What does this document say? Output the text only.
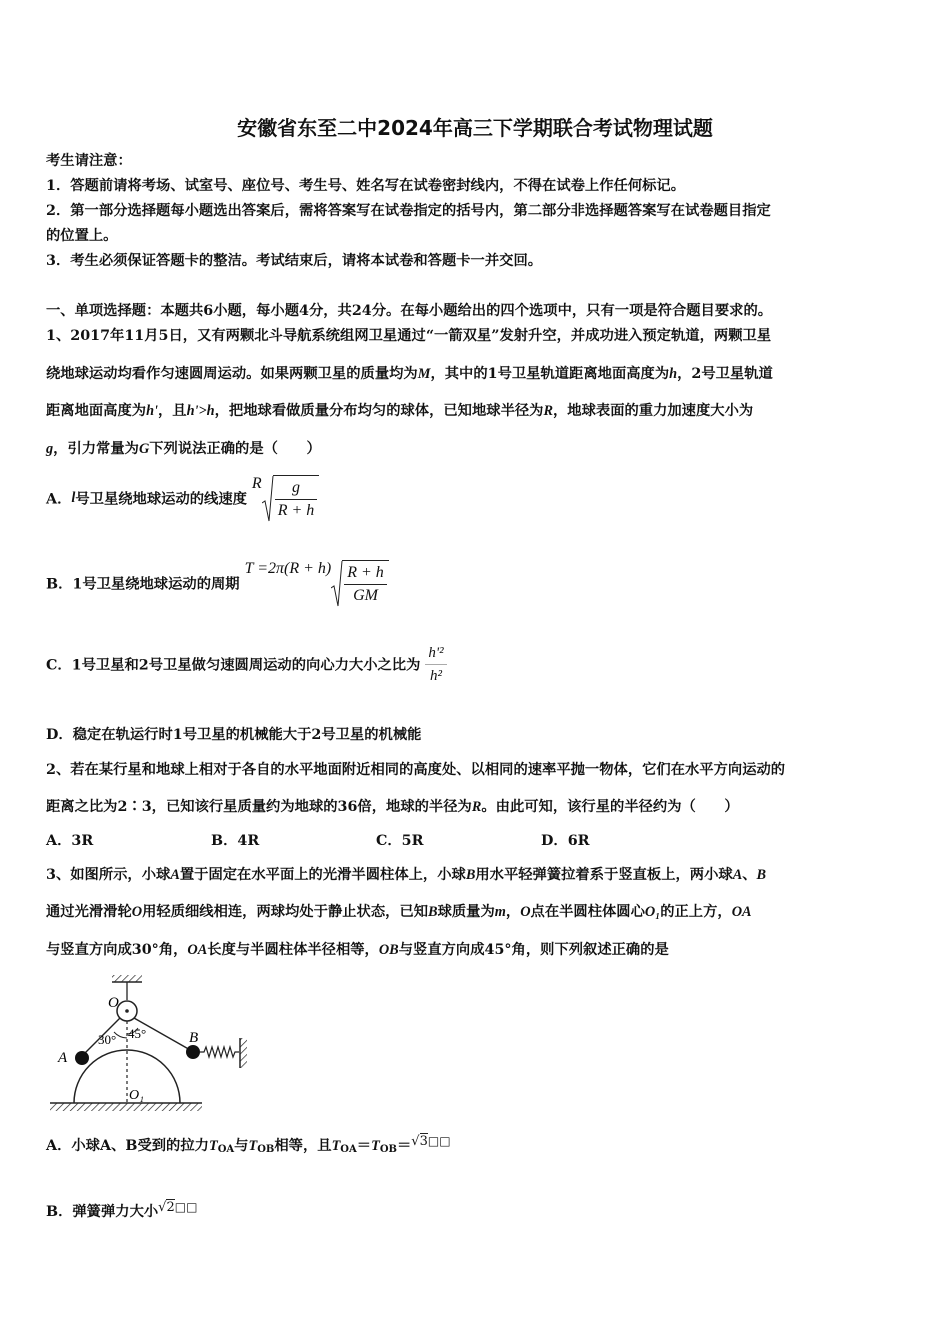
安徽省东至二中2024年高三下学期联合考试物理试题
考生请注意：
1．答题前请将考场、试室号、座位号、考生号、姓名写在试卷密封线内，不得在试卷上作任何标记。
2．第一部分选择题每小题选出答案后，需将答案写在试卷指定的括号内，第二部分非选择题答案写在试卷题目指定
的位置上。
3．考生必须保证答题卡的整洁。考试结束后，请将本试卷和答题卡一并交回。
一、单项选择题：本题共6小题，每小题4分，共24分。在每小题给出的四个选项中，只有一项是符合题目要求的。
1、2017年11月5日，又有两颗北斗导航系统组网卫星通过“一箭双星”发射升空，并成功进入预定轨道，两颗卫星
绕地球运动均看作匀速圆周运动。如果两颗卫星的质量均为M，其中的1号卫星轨道距离地面高度为h，2号卫星轨道
距离地面高度为h'，且h'>h，把地球看做质量分布均匀的球体，已知地球半径为R，地球表面的重力加速度大小为
g，引力常量为G下列说法正确的是（　　）
A．l号卫星绕地球运动的线速度 R $\frac{g}{R + h}$
B．1号卫星绕地球运动的周期 $T =2\pi(R + h) \frac{R + h}{GM}$
C．1号卫星和2号卫星做匀速圆周运动的向心力大小之比为 $\frac{\text{h'²}}{\text{h²}}$
D．稳定在轨运行时1号卫星的机械能大于2号卫星的机械能
2、若在某行星和地球上相对于各自的水平地面附近相同的高度处、以相同的速率平抛一物体，它们在水平方向运动的
距离之比为2∶3，已知该行星质量约为地球的36倍，地球的半径为R。由此可知，该行星的半径约为（　　）
A．3R	B．4R	C．5R	D．6R
3、如图所示，小球A置于固定在水平面上的光滑半圆柱体上，小球B用水平轻弹簧拉着系于竖直板上，两小球A、B
通过光滑滑轮O用轻质细线相连，两球均处于静止状态，已知B球质量为m，O点在半圆柱体圆心O₁的正上方，OA
与竖直方向成30°角，OA长度与半圆柱体半径相等，OB与竖直方向成45°角，则下列叙述正确的是
O
A
B
O₁
30° 45°
A．小球A、B受到的拉力TOA与TOB相等，且TOA＝TOB＝√3□□
B．弹簧弹力大小√2□□
